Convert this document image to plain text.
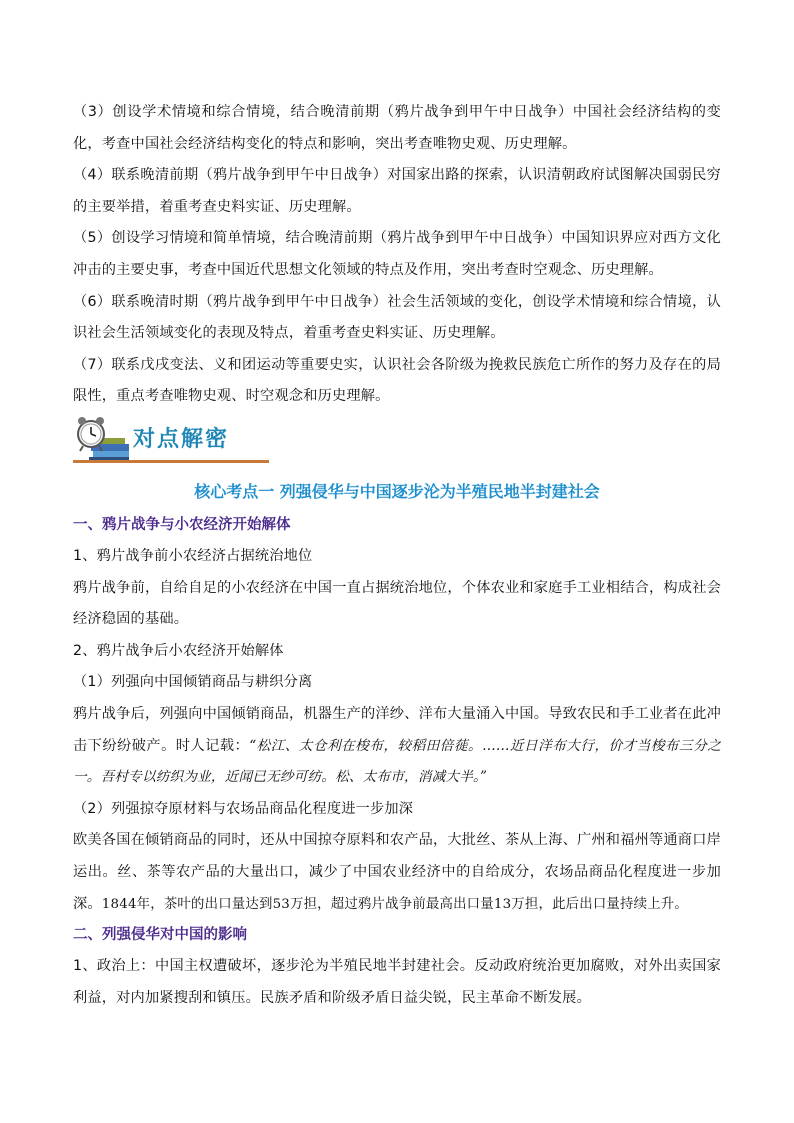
（3）创设学术情境和综合情境，结合晚清前期（鸦片战争到甲午中日战争）中国社会经济结构的变化，考查中国社会经济结构变化的特点和影响，突出考查唯物史观、历史理解。

（4）联系晚清前期（鸦片战争到甲午中日战争）对国家出路的探索，认识清朝政府试图解决国弱民穷的主要举措，着重考查史料实证、历史理解。

（5）创设学习情境和简单情境，结合晚清前期（鸦片战争到甲午中日战争）中国知识界应对西方文化冲击的主要史事，考查中国近代思想文化领域的特点及作用，突出考查时空观念、历史理解。

（6）联系晚清时期（鸦片战争到甲午中日战争）社会生活领域的变化，创设学术情境和综合情境，认识社会生活领域变化的表现及特点，着重考查史料实证、历史理解。

（7）联系戊戌变法、义和团运动等重要史实，认识社会各阶级为挽救民族危亡所作的努力及存在的局限性，重点考查唯物史观、时空观念和历史理解。

对点解密
核心考点一 列强侵华与中国逐步沦为半殖民地半封建社会

一、鸦片战争与小农经济开始解体

1、鸦片战争前小农经济占据统治地位

鸦片战争前，自给自足的小农经济在中国一直占据统治地位，个体农业和家庭手工业相结合，构成社会经济稳固的基础。

2、鸦片战争后小农经济开始解体

（1）列强向中国倾销商品与耕织分离

鸦片战争后，列强向中国倾销商品，机器生产的洋纱、洋布大量涌入中国。导致农民和手工业者在此冲击下纷纷破产。时人记载：“松江、太仓利在梭布，较稻田倍蓰。……近日洋布大行，价才当梭布三分之一。吾村专以纺织为业，近闻已无纱可纺。松、太布市，消减大半。”

（2）列强掠夺原材料与农场品商品化程度进一步加深

欧美各国在倾销商品的同时，还从中国掠夺原料和农产品，大批丝、茶从上海、广州和福州等通商口岸运出。丝、茶等农产品的大量出口，减少了中国农业经济中的自给成分，农场品商品化程度进一步加深。1844年，茶叶的出口量达到53万担，超过鸦片战争前最高出口量13万担，此后出口量持续上升。

二、列强侵华对中国的影响

1、政治上：中国主权遭破坏，逐步沦为半殖民地半封建社会。反动政府统治更加腐败，对外出卖国家利益，对内加紧搜刮和镇压。民族矛盾和阶级矛盾日益尖锐，民主革命不断发展。
